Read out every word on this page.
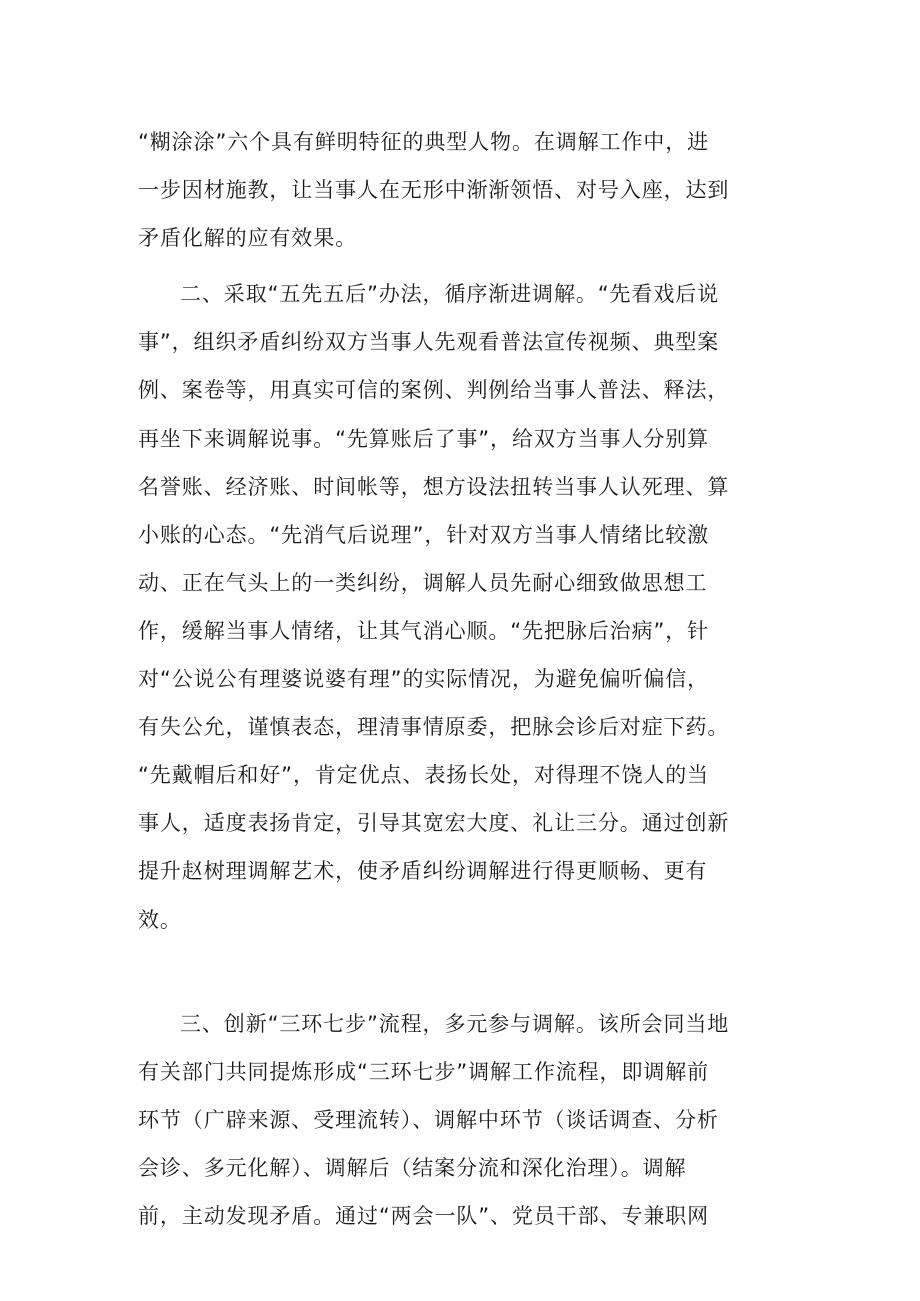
“糊涂涂”六个具有鲜明特征的典型人物。在调解工作中，进
一步因材施教，让当事人在无形中渐渐领悟、对号入座，达到
矛盾化解的应有效果。
二、采取“五先五后”办法，循序渐进调解。“先看戏后说
事”，组织矛盾纠纷双方当事人先观看普法宣传视频、典型案
例、案卷等，用真实可信的案例、判例给当事人普法、释法，
再坐下来调解说事。“先算账后了事”，给双方当事人分别算
名誉账、经济账、时间帐等，想方设法扭转当事人认死理、算
小账的心态。“先消气后说理”，针对双方当事人情绪比较激
动、正在气头上的一类纠纷，调解人员先耐心细致做思想工
作，缓解当事人情绪，让其气消心顺。“先把脉后治病”，针
对“公说公有理婆说婆有理”的实际情况，为避免偏听偏信，
有失公允，谨慎表态，理清事情原委，把脉会诊后对症下药。
“先戴帽后和好”，肯定优点、表扬长处，对得理不饶人的当
事人，适度表扬肯定，引导其宽宏大度、礼让三分。通过创新
提升赵树理调解艺术，使矛盾纠纷调解进行得更顺畅、更有
效。
三、创新“三环七步”流程，多元参与调解。该所会同当地
有关部门共同提炼形成“三环七步”调解工作流程，即调解前
环节（广辟来源、受理流转）、调解中环节（谈话调查、分析
会诊、多元化解）、调解后（结案分流和深化治理）。调解
前，主动发现矛盾。通过“两会一队”、党员干部、专兼职网
